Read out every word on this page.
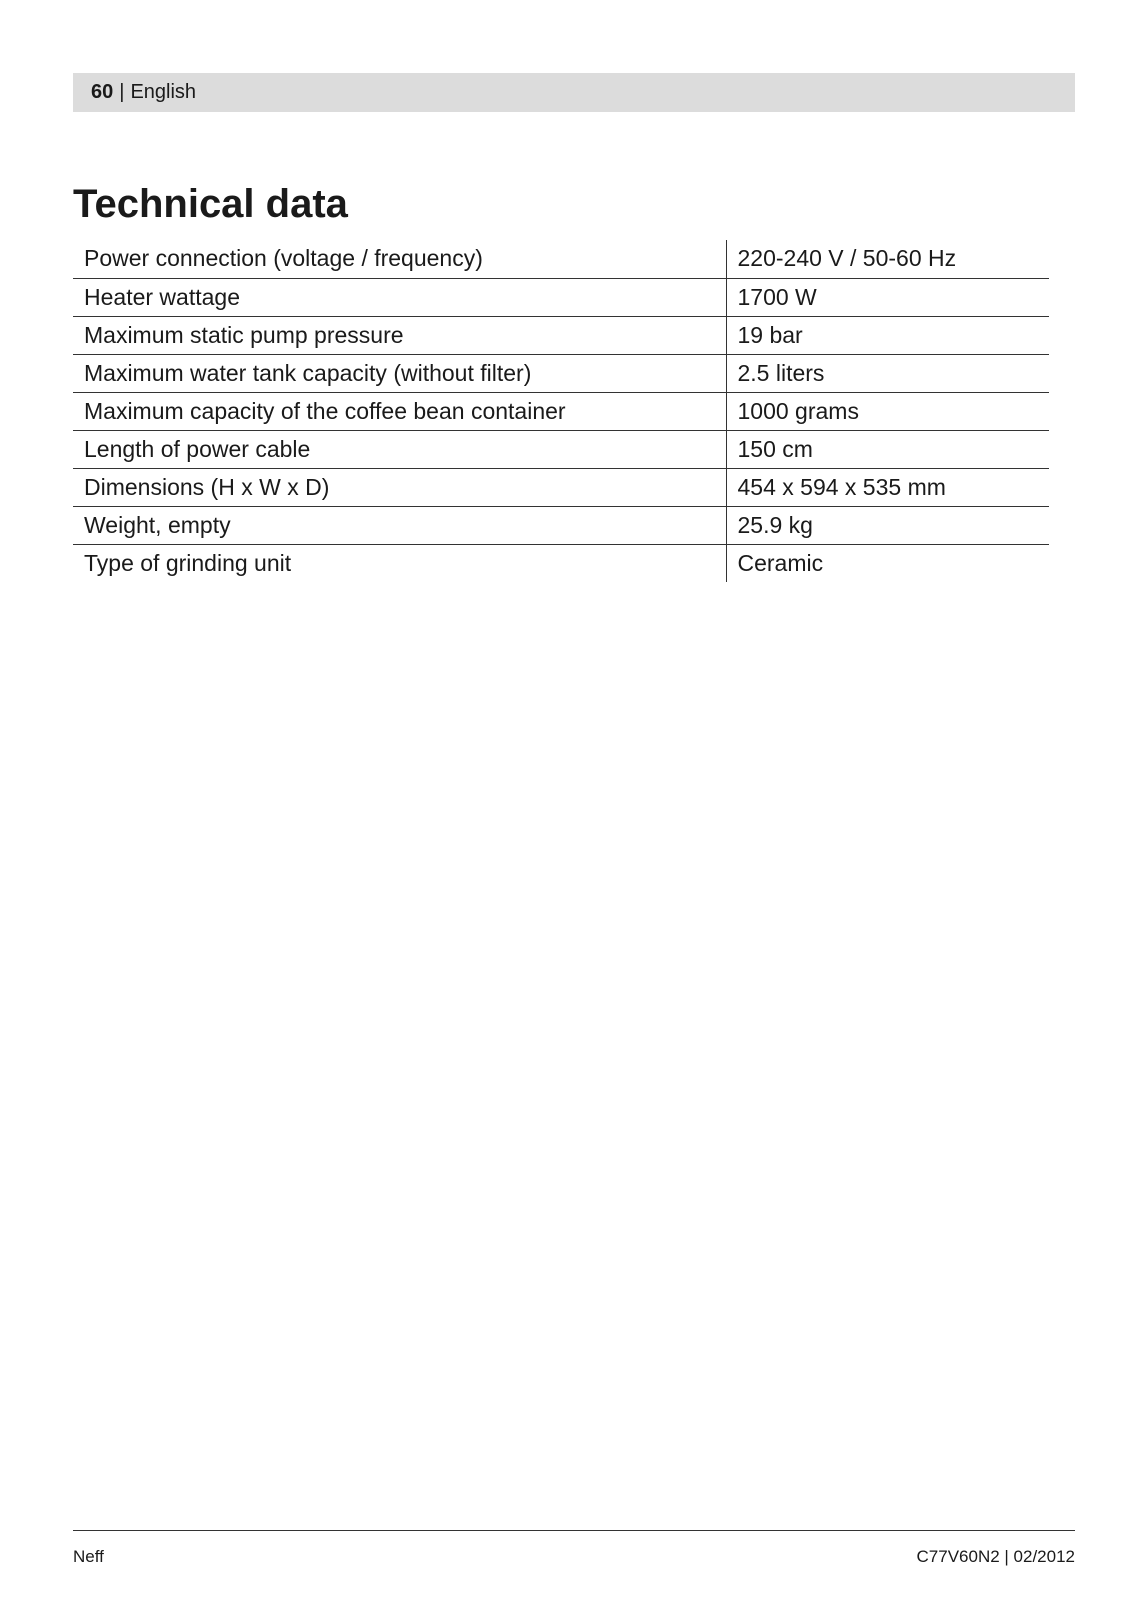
60 | English
Technical data
Power connection (voltage / frequency)	220-240 V / 50-60 Hz
Heater wattage	1700 W
Maximum static pump pressure	19 bar
Maximum water tank capacity (without filter)	2.5 liters
Maximum capacity of the coffee bean container	1000 grams
Length of power cable	150 cm
Dimensions (H x W x D)	454 x 594 x 535 mm
Weight, empty	25.9 kg
Type of grinding unit	Ceramic
Neff	C77V60N2 | 02/2012
